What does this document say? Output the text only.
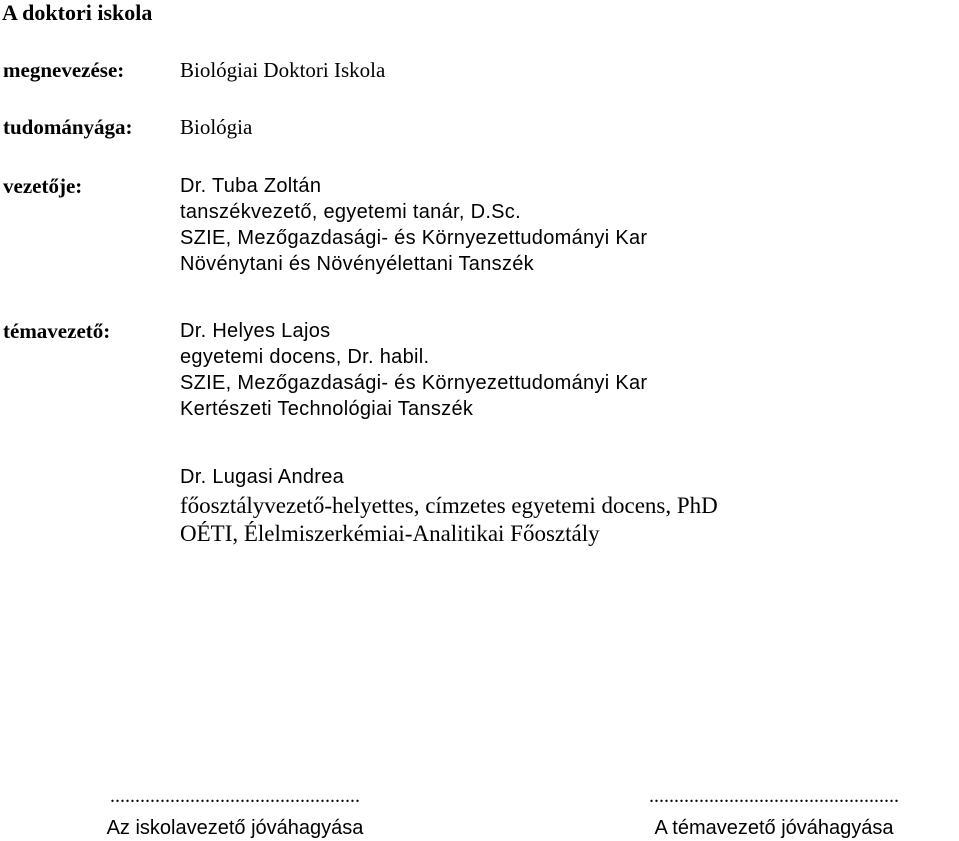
A doktori iskola
megnevezése:	Biológiai Doktori Iskola
tudományága: Biológia
vezetője:	Dr. Tuba Zoltán
tanszékvezető, egyetemi tanár, D.Sc.
SZIE, Mezőgazdasági- és Környezettudományi Kar
Növénytani és Növényélettani Tanszék
témavezető:	Dr. Helyes Lajos
egyetemi docens, Dr. habil.
SZIE, Mezőgazdasági- és Környezettudományi Kar
Kertészeti Technológiai Tanszék
Dr. Lugasi Andrea
főosztályvezető-helyettes, címzetes egyetemi docens, PhD
OÉTI, Élelmiszerkémiai-Analitikai Főosztály
..................................................
Az iskolavezető jóváhagyása
..................................................
A témavezető jóváhagyása
